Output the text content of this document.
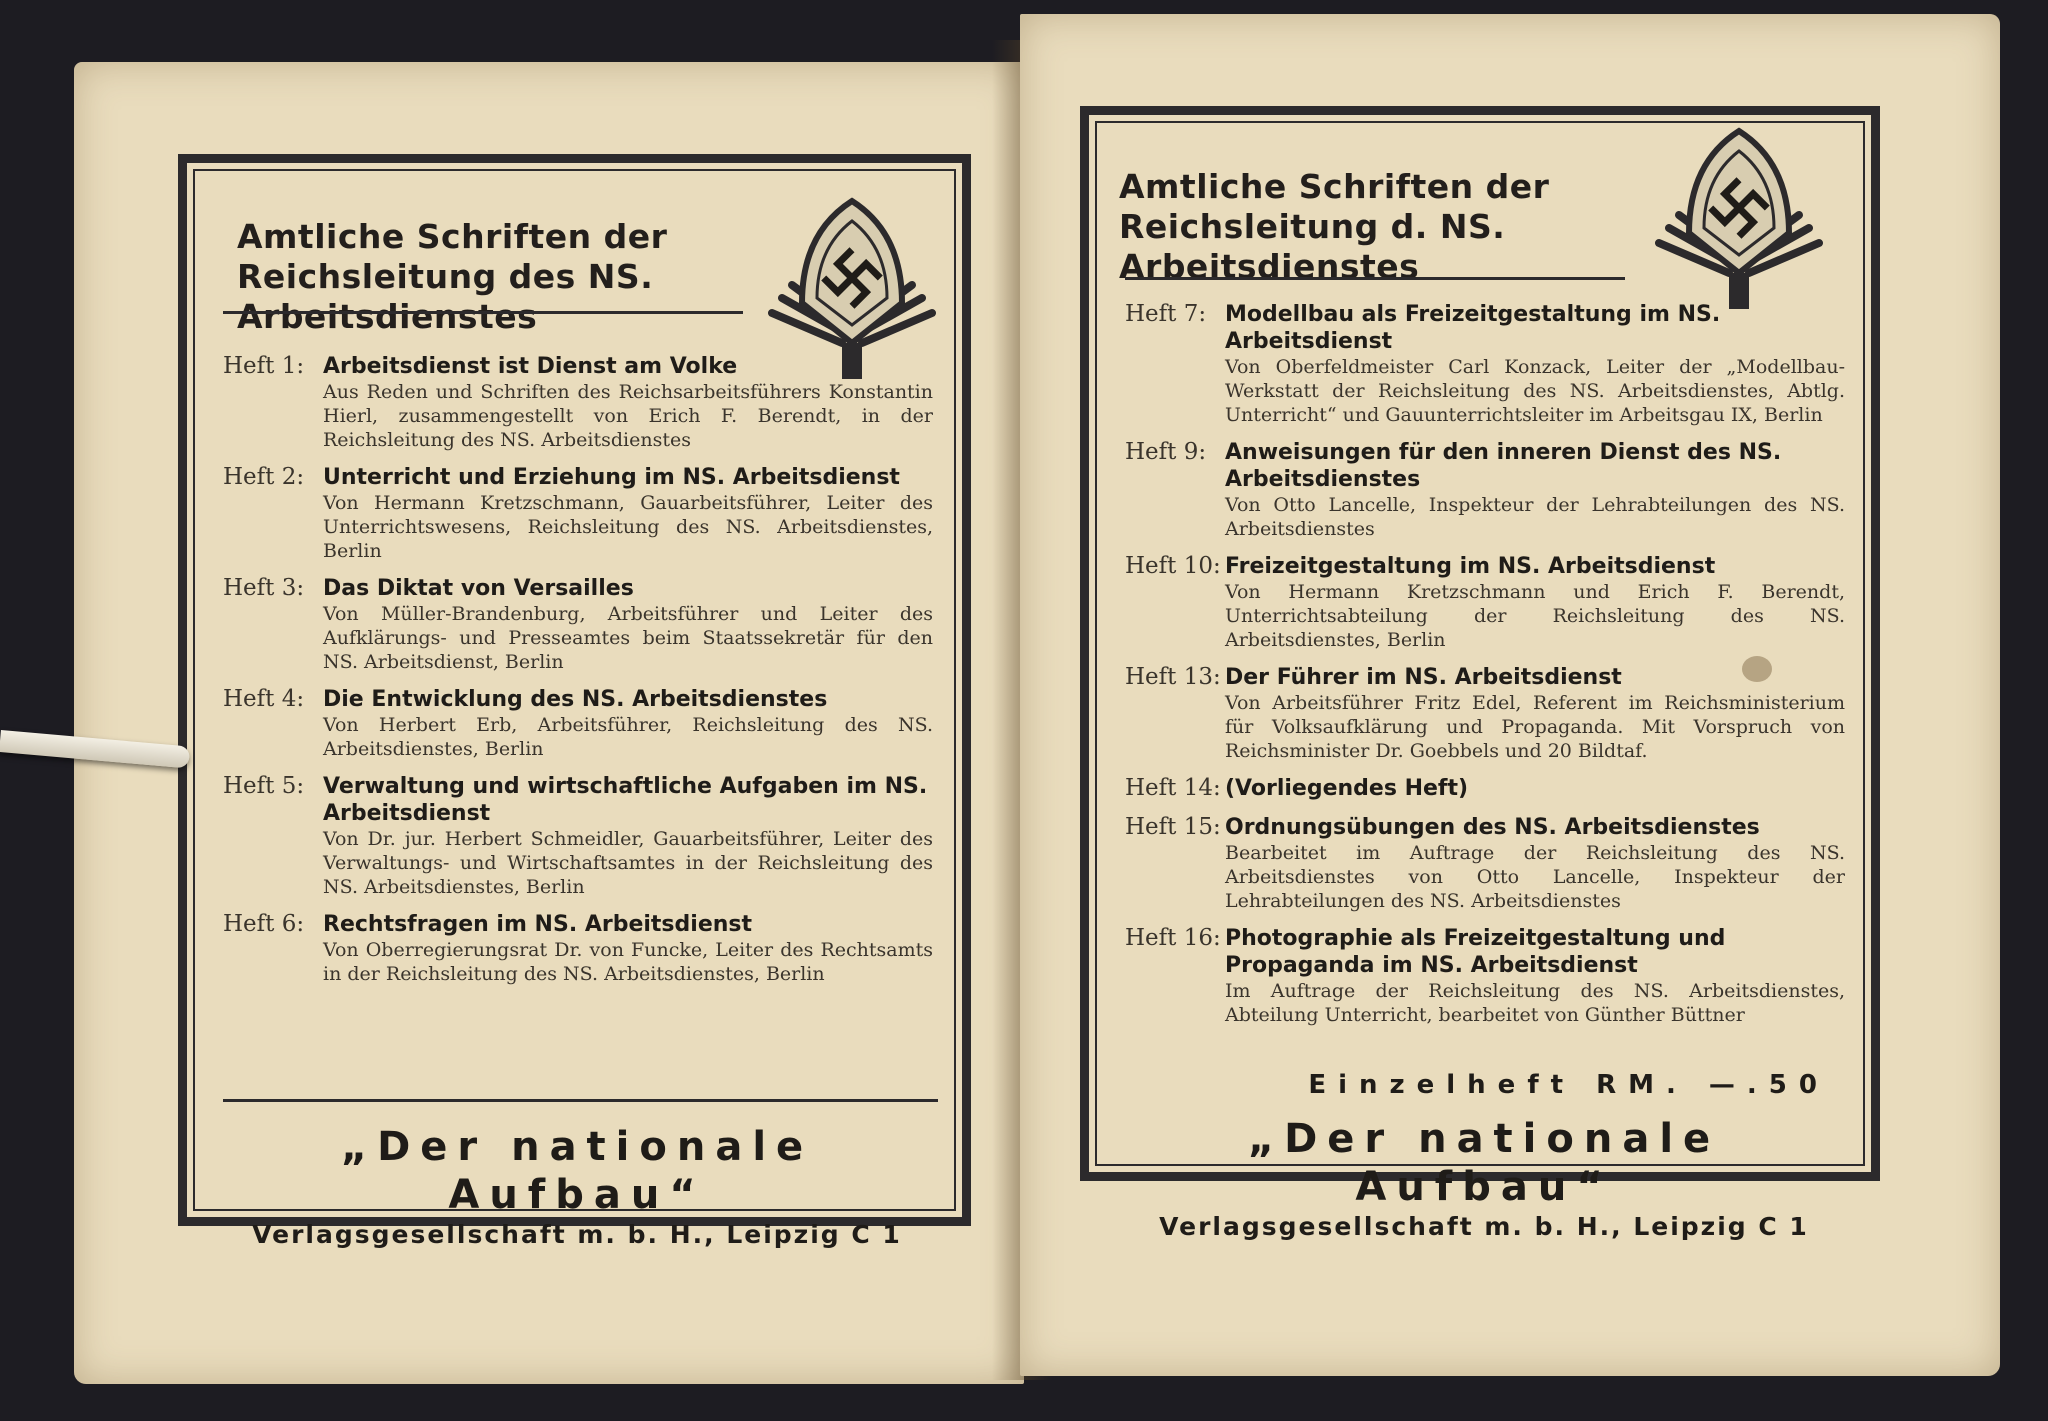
Amtliche Schriften der Reichsleitung des NS. Arbeitsdienstes
Heft 1: Arbeitsdienst ist Dienst am Volke
Aus Reden und Schriften des Reichsarbeitsführers Konstantin Hierl, zusammengestellt von Erich F. Berendt, in der Reichsleitung des NS. Arbeitsdienstes
Heft 2: Unterricht und Erziehung im NS. Arbeitsdienst
Von Hermann Kretzschmann, Gauarbeitsführer, Leiter des Unterrichtswesens, Reichsleitung des NS. Arbeitsdienstes, Berlin
Heft 3: Das Diktat von Versailles
Von Müller-Brandenburg, Arbeitsführer und Leiter des Aufklärungs- und Presseamtes beim Staatssekretär für den NS. Arbeitsdienst, Berlin
Heft 4: Die Entwicklung des NS. Arbeitsdienstes
Von Herbert Erb, Arbeitsführer, Reichsleitung des NS. Arbeitsdienstes, Berlin
Heft 5: Verwaltung und wirtschaftliche Aufgaben im NS. Arbeitsdienst
Von Dr. jur. Herbert Schmeidler, Gauarbeitsführer, Leiter des Verwaltungs- und Wirtschaftsamtes in der Reichsleitung des NS. Arbeitsdienstes, Berlin
Heft 6: Rechtsfragen im NS. Arbeitsdienst
Von Oberregierungsrat Dr. von Funcke, Leiter des Rechtsamts in der Reichsleitung des NS. Arbeitsdienstes, Berlin
„Der nationale Aufbau“
Verlagsgesellschaft m. b. H., Leipzig C 1
Amtliche Schriften der Reichsleitung d. NS. Arbeitsdienstes
Heft 7: Modellbau als Freizeitgestaltung im NS. Arbeitsdienst
Von Oberfeldmeister Carl Konzack, Leiter der „Modellbau-Werkstatt der Reichsleitung des NS. Arbeitsdienstes, Abtlg. Unterricht“ und Gauunterrichtsleiter im Arbeitsgau IX, Berlin
Heft 9: Anweisungen für den inneren Dienst des NS. Arbeitsdienstes
Von Otto Lancelle, Inspekteur der Lehrabteilungen des NS. Arbeitsdienstes
Heft 10: Freizeitgestaltung im NS. Arbeitsdienst
Von Hermann Kretzschmann und Erich F. Berendt, Unterrichtsabteilung der Reichsleitung des NS. Arbeitsdienstes, Berlin
Heft 13: Der Führer im NS. Arbeitsdienst
Von Arbeitsführer Fritz Edel, Referent im Reichsministerium für Volksaufklärung und Propaganda. Mit Vorspruch von Reichsminister Dr. Goebbels und 20 Bildtaf.
Heft 14: (Vorliegendes Heft)
Heft 15: Ordnungsübungen des NS. Arbeitsdienstes
Bearbeitet im Auftrage der Reichsleitung des NS. Arbeitsdienstes von Otto Lancelle, Inspekteur der Lehrabteilungen des NS. Arbeitsdienstes
Heft 16: Photographie als Freizeitgestaltung und Propaganda im NS. Arbeitsdienst
Im Auftrage der Reichsleitung des NS. Arbeitsdienstes, Abteilung Unterricht, bearbeitet von Günther Büttner
Einzelheft RM. —.50
„Der nationale Aufbau“
Verlagsgesellschaft m. b. H., Leipzig C 1
